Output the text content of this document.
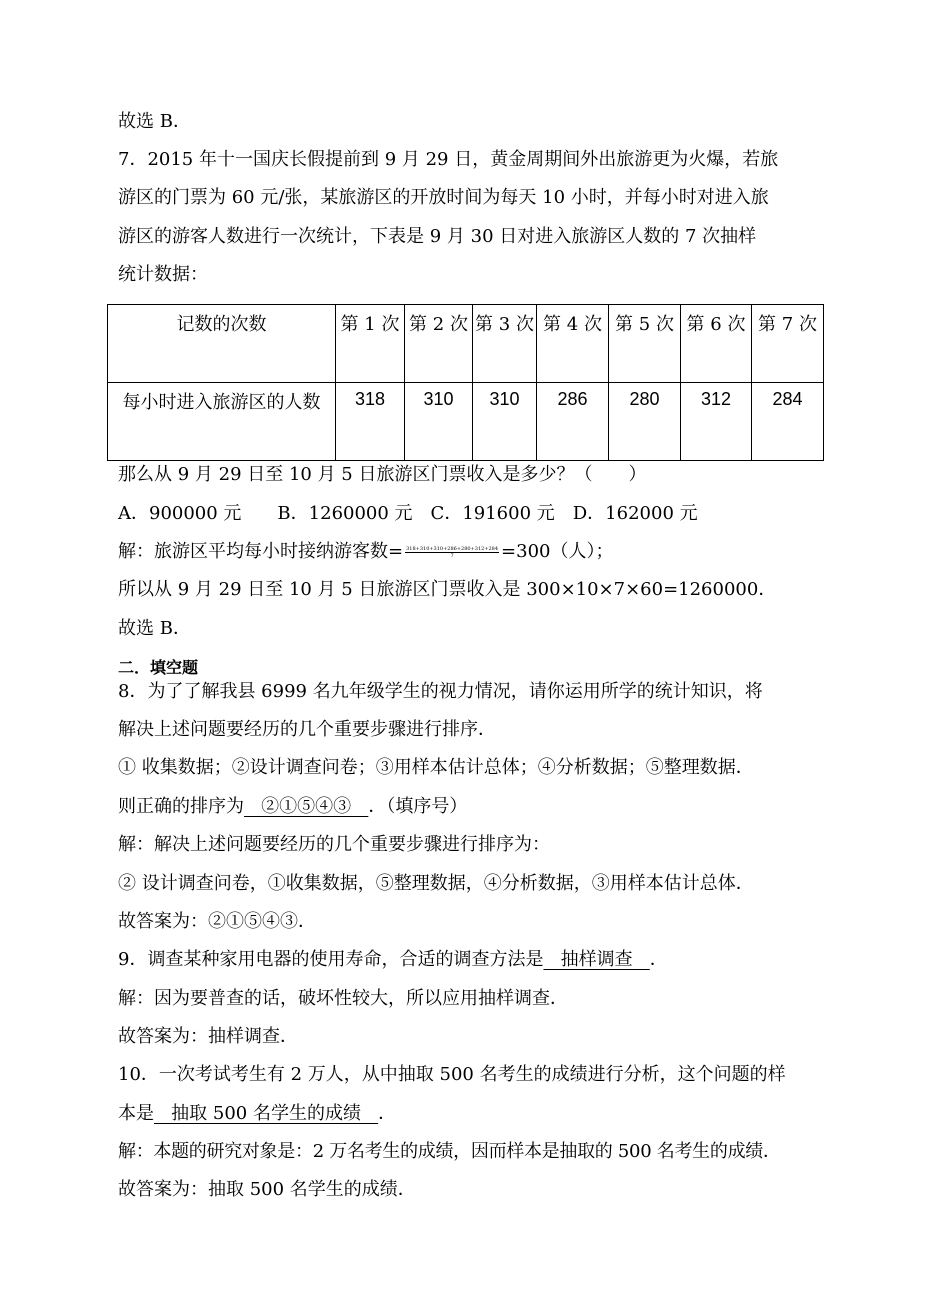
故选 B．
7．2015 年十一国庆长假提前到 9 月 29 日，黄金周期间外出旅游更为火爆，若旅
游区的门票为 60 元/张，某旅游区的开放时间为每天 10 小时，并每小时对进入旅
游区的游客人数进行一次统计，下表是 9 月 30 日对进入旅游区人数的 7 次抽样
统计数据：
记数的次数	第 1 次	第 2 次	第 3 次	第 4 次	第 5 次	第 6 次	第 7 次
每小时进入旅游区的人数	318	310	310	286	280	312	284
那么从 9 月 29 日至 10 月 5 日旅游区门票收入是多少？（　　）
A．900000 元　　B．1260000 元　C．191600 元　D．162000 元
解：旅游区平均每小时接纳游客数= $\frac{318+310+310+286+280+312+284}{7} =300$（人）；
所以从 9 月 29 日至 10 月 5 日旅游区门票收入是 300×10×7×60=1260000．
故选 B．
二．填空题
8．为了了解我县 6999 名九年级学生的视力情况，请你运用所学的统计知识，将
解决上述问题要经历的几个重要步骤进行排序．
① 收集数据；②设计调查问卷；③用样本估计总体；④分析数据；⑤整理数据．
则正确的排序为   ②①⑤④③   ．（填序号）
解：解决上述问题要经历的几个重要步骤进行排序为：
② 设计调查问卷，①收集数据，⑤整理数据，④分析数据，③用样本估计总体．
故答案为：②①⑤④③．
9．调查某种家用电器的使用寿命，合适的调查方法是   抽样调查   ．
解：因为要普查的话，破坏性较大，所以应用抽样调查．
故答案为：抽样调查．
10．一次考试考生有 2 万人，从中抽取 500 名考生的成绩进行分析，这个问题的样
本是   抽取 500 名学生的成绩   ．
解：本题的研究对象是：2 万名考生的成绩，因而样本是抽取的 500 名考生的成绩．
故答案为：抽取 500 名学生的成绩．
